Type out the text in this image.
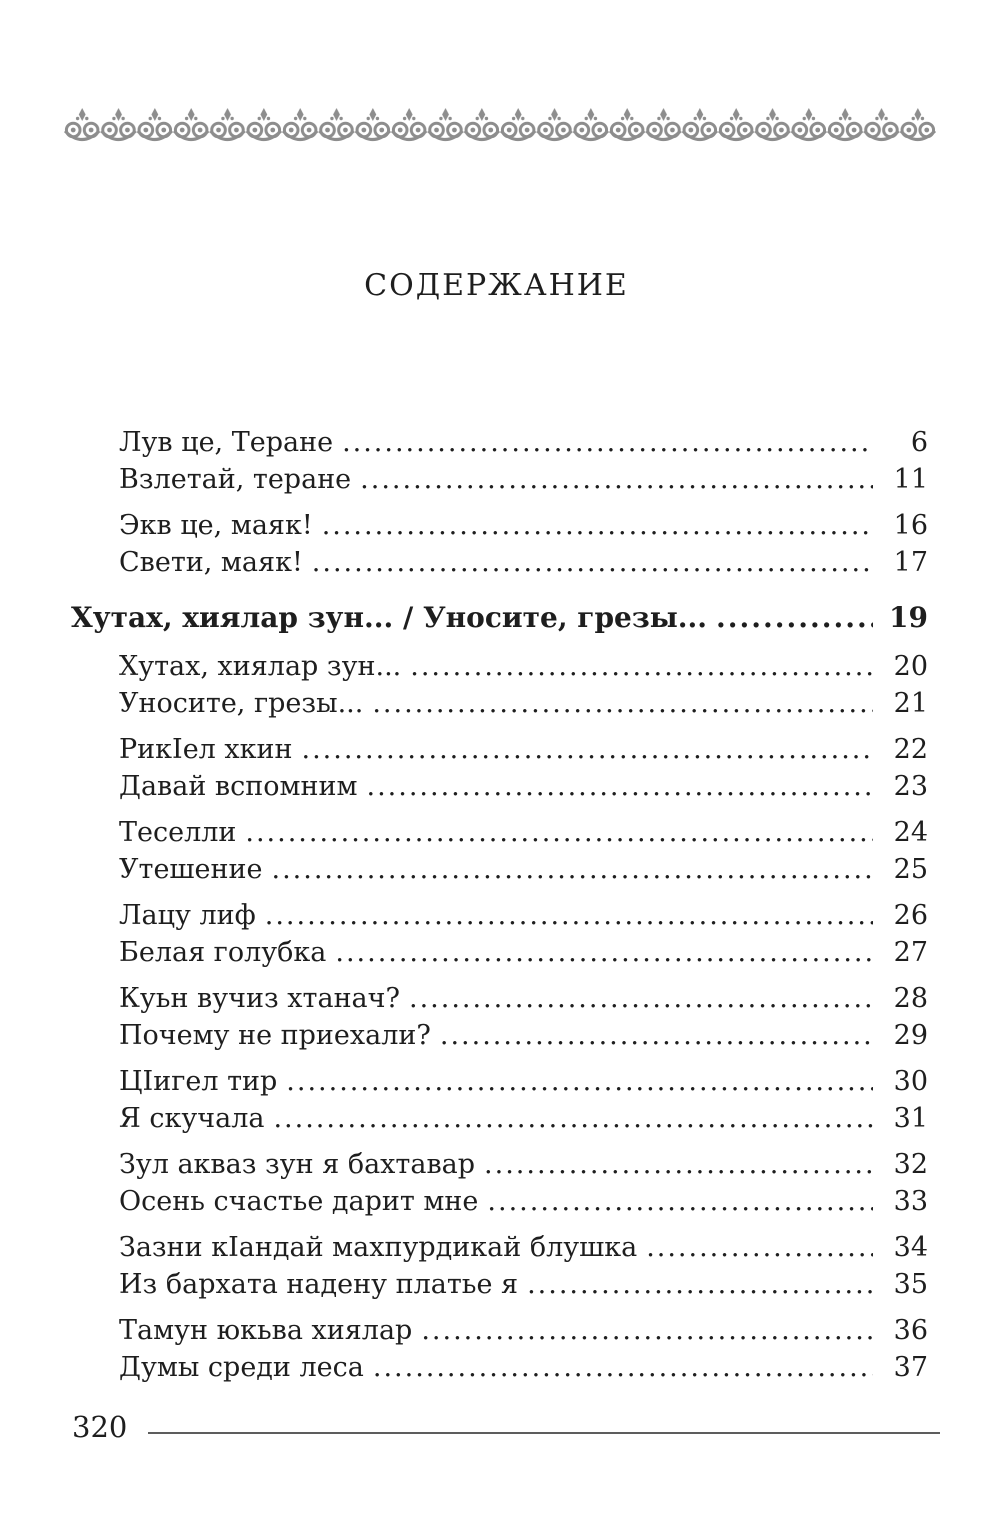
СОДЕРЖАНИЕ
Лув це, Теране .....	6
Взлетай, теране .....	11
Экв це, маяк! .....	16
Свети, маяк! .....	17
Хутах, хиялар зун... / Уносите, грезы... .....	19
Хутах, хиялар зун... .....	20
Уносите, грезы... .....	21
РикIел хкин .....	22
Давай вспомним .....	23
Теселли .....	24
Утешение .....	25
Лацу лиф .....	26
Белая голубка .....	27
Куьн вучиз хтанач? .....	28
Почему не приехали? .....	29
ЦIигел тир .....	30
Я скучала .....	31
Зул акваз зун я бахтавар .....	32
Осень счастье дарит мне .....	33
Зазни кIандай махпурдикай блушка .....	34
Из бархата надену платье я .....	35
Тамун юкьва хиялар .....	36
Думы среди леса .....	37
320
